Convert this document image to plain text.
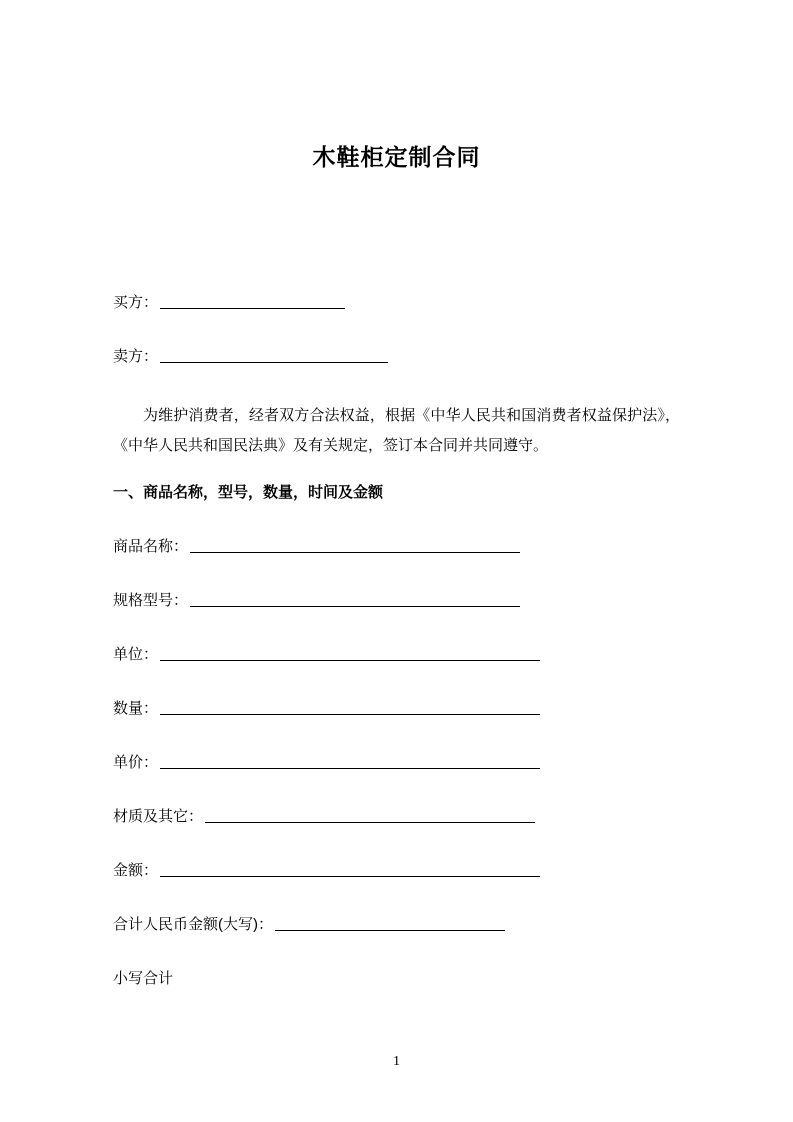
木鞋柜定制合同
买方：
卖方：

为维护消费者，经者双方合法权益，根据《中华人民共和国消费者权益保护法》，《中华人民共和国民法典》及有关规定，签订本合同并共同遵守。

一、商品名称，型号，数量，时间及金额
商品名称：
规格型号：
单位：
数量：
单价：
材质及其它：
金额：
合计人民币金额(大写)：
小写合计
1
